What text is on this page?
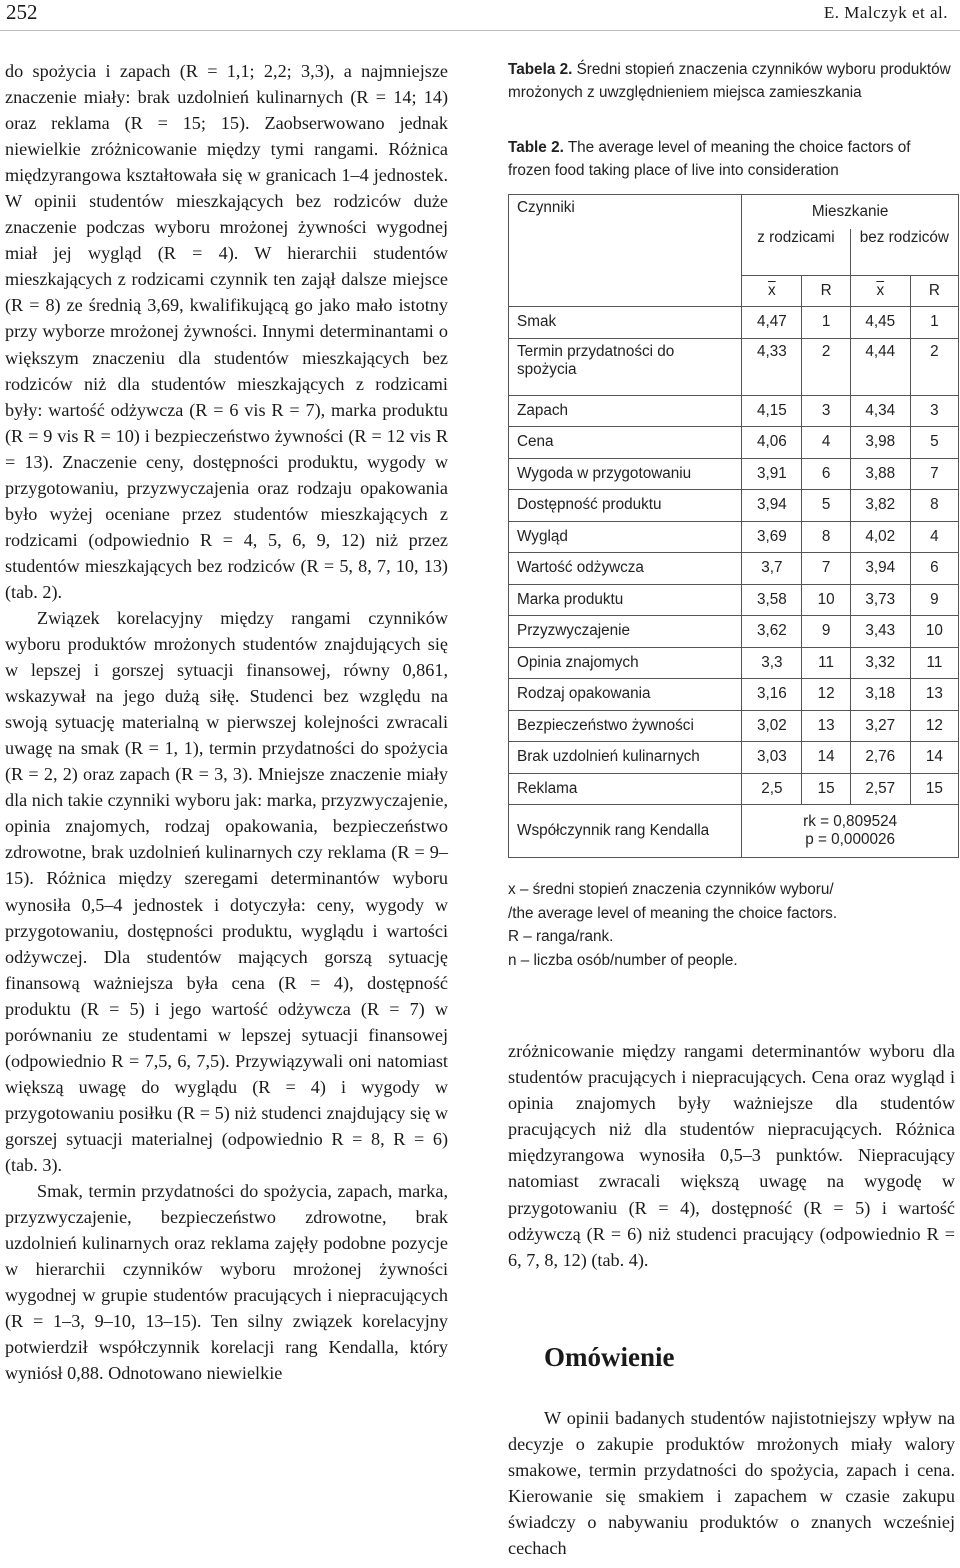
252	E. Malczyk et al.

do spożycia i zapach (R = 1,1; 2,2; 3,3), a najmniejsze znaczenie miały: brak uzdolnień kulinarnych (R = 14; 14) oraz reklama (R = 15; 15). Zaobserwowano jednak niewielkie zróżnicowanie między tymi rangami. Różnica międzyrangowa kształtowała się w granicach 1–4 jednostek. W opinii studentów mieszkających bez rodziców duże znaczenie podczas wyboru mrożonej żywności wygodnej miał jej wygląd (R = 4). W hierarchii studentów mieszkających z rodzicami czynnik ten zajął dalsze miejsce (R = 8) ze średnią 3,69, kwalifikującą go jako mało istotny przy wyborze mrożonej żywności. Innymi determinantami o większym znaczeniu dla studentów mieszkających bez rodziców niż dla studentów mieszkających z rodzicami były: wartość odżywcza (R = 6 vis R = 7), marka produktu (R = 9 vis R = 10) i bezpieczeństwo żywności (R = 12 vis R = 13). Znaczenie ceny, dostępności produktu, wygody w przygotowaniu, przyzwyczajenia oraz rodzaju opakowania było wyżej oceniane przez studentów mieszkających z rodzicami (odpowiednio R = 4, 5, 6, 9, 12) niż przez studentów mieszkających bez rodziców (R = 5, 8, 7, 10, 13) (tab. 2).

Związek korelacyjny między rangami czynników wyboru produktów mrożonych studentów znajdujących się w lepszej i gorszej sytuacji finansowej, równy 0,861, wskazywał na jego dużą siłę. Studenci bez względu na swoją sytuację materialną w pierwszej kolejności zwracali uwagę na smak (R = 1, 1), termin przydatności do spożycia (R = 2, 2) oraz zapach (R = 3, 3). Mniejsze znaczenie miały dla nich takie czynniki wyboru jak: marka, przyzwyczajenie, opinia znajomych, rodzaj opakowania, bezpieczeństwo zdrowotne, brak uzdolnień kulinarnych czy reklama (R = 9–15). Różnica między szeregami determinantów wyboru wynosiła 0,5–4 jednostek i dotyczyła: ceny, wygody w przygotowaniu, dostępności produktu, wyglądu i wartości odżywczej. Dla studentów mających gorszą sytuację finansową ważniejsza była cena (R = 4), dostępność produktu (R = 5) i jego wartość odżywcza (R = 7) w porównaniu ze studentami w lepszej sytuacji finansowej (odpowiednio R = 7,5, 6, 7,5). Przywiązywali oni natomiast większą uwagę do wyglądu (R = 4) i wygody w przygotowaniu posiłku (R = 5) niż studenci znajdujący się w gorszej sytuacji materialnej (odpowiednio R = 8, R = 6) (tab. 3).

Smak, termin przydatności do spożycia, zapach, marka, przyzwyczajenie, bezpieczeństwo zdrowotne, brak uzdolnień kulinarnych oraz reklama zajęły podobne pozycje w hierarchii czynników wyboru mrożonej żywności wygodnej w grupie studentów pracujących i niepracujących (R = 1–3, 9–10, 13–15). Ten silny związek korelacyjny potwierdził współczynnik korelacji rang Kendalla, który wyniósł 0,88. Odnotowano niewielkie

Tabela 2. Średni stopień znaczenia czynników wyboru produktów mrożonych z uwzględnieniem miejsca zamieszkania
Table 2. The average level of meaning the choice factors of frozen food taking place of live into consideration
Czynniki	Mieszkanie			
	z rodzicami		bez rodziców	
	$\overline{x}$	R	$\overline{x}$	R
Smak	4,47	1	4,45	1
Termin przydatności do spożycia	4,33	2	4,44	2
Zapach	4,15	3	4,34	3
Cena	4,06	4	3,98	5
Wygoda w przygotowaniu	3,91	6	3,88	7
Dostępność produktu	3,94	5	3,82	8
Wygląd	3,69	8	4,02	4
Wartość odżywcza	3,7	7	3,94	6
Marka produktu	3,58	10	3,73	9
Przyzwyczajenie	3,62	9	3,43	10
Opinia znajomych	3,3	11	3,32	11
Rodzaj opakowania	3,16	12	3,18	13
Bezpieczeństwo żywności	3,02	13	3,27	12
Brak uzdolnień kulinarnych	3,03	14	2,76	14
Reklama	2,5	15	2,57	15
Współczynnik rang Kendalla	rk = 0,809524
p = 0,000026			
x – średni stopień znaczenia czynników wyboru/
/the average level of meaning the choice factors.
R – ranga/rank.
n – liczba osób/number of people.

zróżnicowanie między rangami determinantów wyboru dla studentów pracujących i niepracujących. Cena oraz wygląd i opinia znajomych były ważniejsze dla studentów pracujących niż dla studentów niepracujących. Różnica międzyrangowa wynosiła 0,5–3 punktów. Niepracujący natomiast zwracali większą uwagę na wygodę w przygotowaniu (R = 4), dostępność (R = 5) i wartość odżywczą (R = 6) niż studenci pracujący (odpowiednio R = 6, 7, 8, 12) (tab. 4).

Omówienie

W opinii badanych studentów najistotniejszy wpływ na decyzje o zakupie produktów mrożonych miały walory smakowe, termin przydatności do spożycia, zapach i cena. Kierowanie się smakiem i zapachem w czasie zakupu świadczy o nabywaniu produktów o znanych wcześniej cechach
